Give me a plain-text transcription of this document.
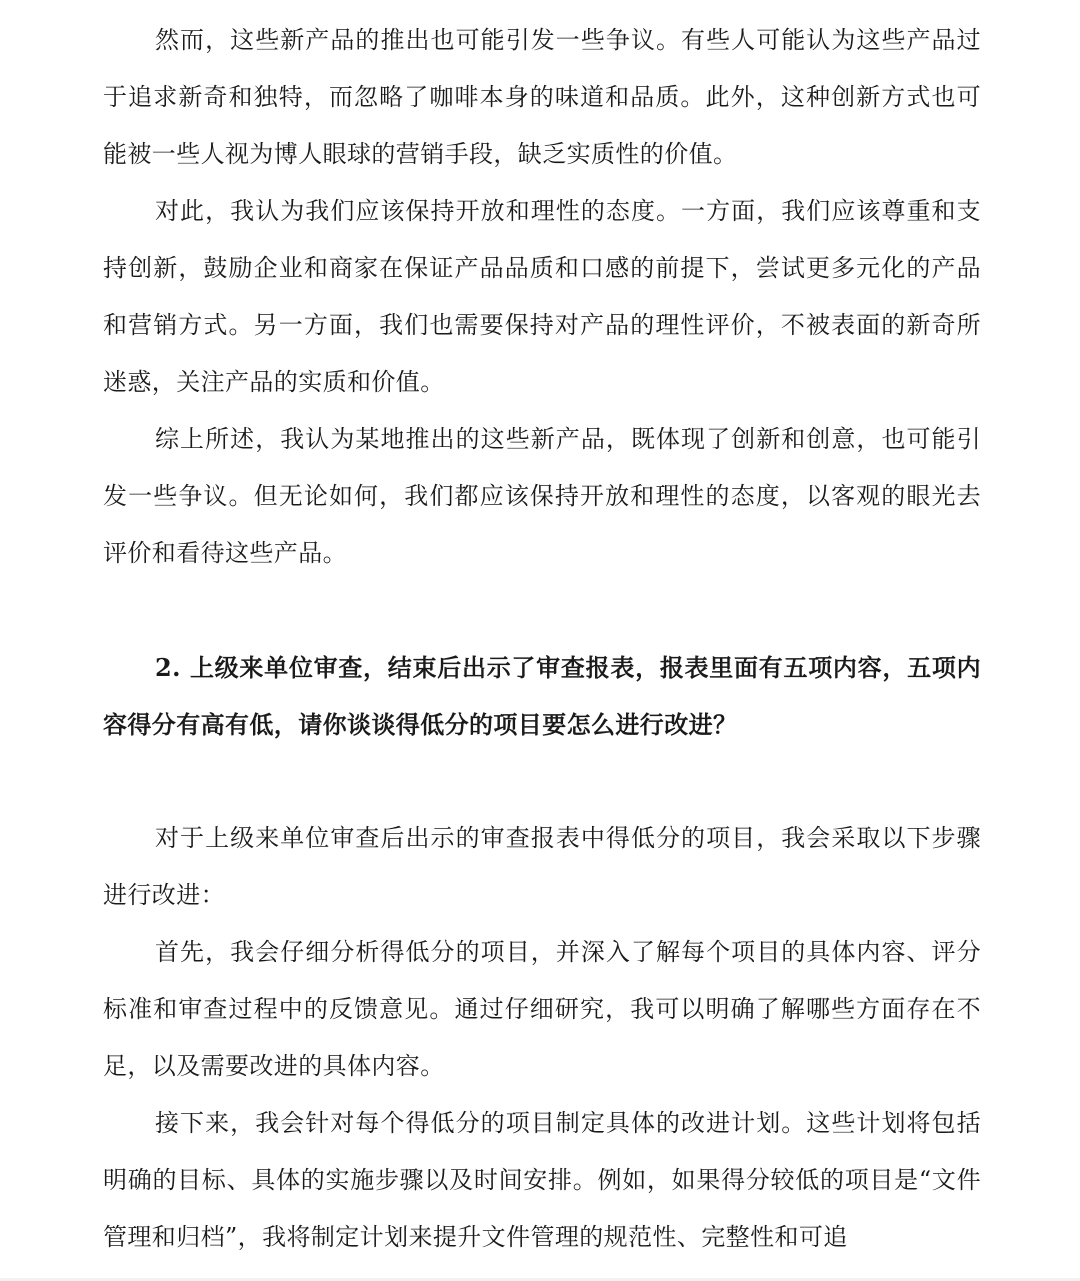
然而，这些新产品的推出也可能引发一些争议。有些人可能认为这些产品过于追求新奇和独特，而忽略了咖啡本身的味道和品质。此外，这种创新方式也可能被一些人视为博人眼球的营销手段，缺乏实质性的价值。

对此，我认为我们应该保持开放和理性的态度。一方面，我们应该尊重和支持创新，鼓励企业和商家在保证产品品质和口感的前提下，尝试更多元化的产品和营销方式。另一方面，我们也需要保持对产品的理性评价，不被表面的新奇所迷惑，关注产品的实质和价值。

综上所述，我认为某地推出的这些新产品，既体现了创新和创意，也可能引发一些争议。但无论如何，我们都应该保持开放和理性的态度，以客观的眼光去评价和看待这些产品。

2. 上级来单位审查，结束后出示了审查报表，报表里面有五项内容，五项内容得分有高有低，请你谈谈得低分的项目要怎么进行改进？

对于上级来单位审查后出示的审查报表中得低分的项目，我会采取以下步骤进行改进：

首先，我会仔细分析得低分的项目，并深入了解每个项目的具体内容、评分标准和审查过程中的反馈意见。通过仔细研究，我可以明确了解哪些方面存在不足，以及需要改进的具体内容。

接下来，我会针对每个得低分的项目制定具体的改进计划。这些计划将包括明确的目标、具体的实施步骤以及时间安排。例如，如果得分较低的项目是“文件管理和归档”，我将制定计划来提升文件管理的规范性、完整性和可追
